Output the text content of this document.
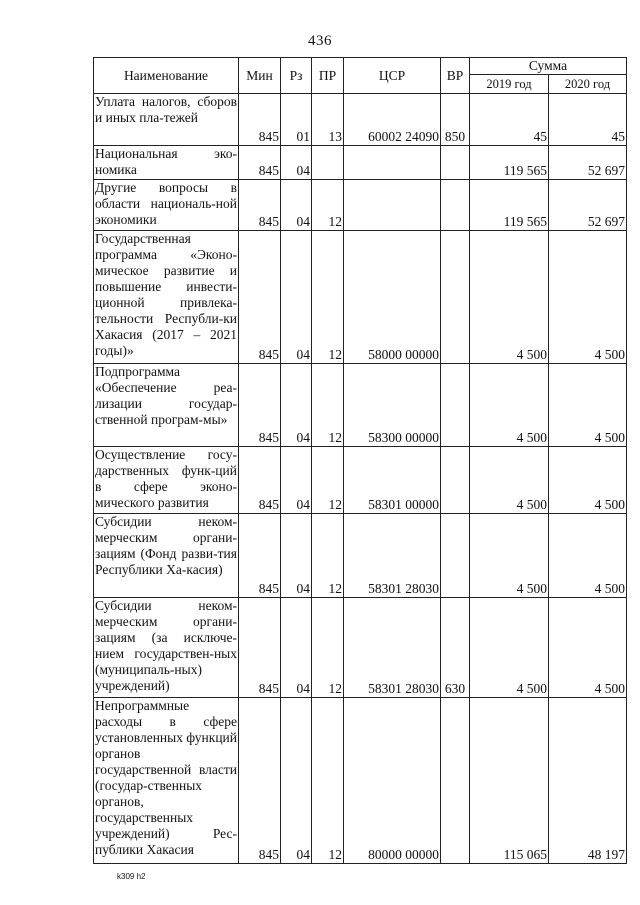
436
Наименование	Мин	Рз	ПР	ЦСР	ВР	Сумма	
						2019 год	2020 год
Уплата налогов, сборов и иных пла-тежей	845	01	13	60002 24090	850	45	45
Национальная эко-номика	845	04				119 565	52 697
Другие вопросы в области националь-ной экономики	845	04	12			119 565	52 697
Государственная программа «Эконо-мическое развитие и повышение инвести-ционной привлека-тельности Республи-ки Хакасия (2017 – 2021 годы)»	845	04	12	58000 00000		4 500	4 500
Подпрограмма «Обеспечение реа-лизации государ-ственной програм-мы»	845	04	12	58300 00000		4 500	4 500
Осуществление госу-дарственных функ-ций в сфере эконо-мического развития	845	04	12	58301 00000		4 500	4 500
Субсидии неком-мерческим органи-зациям (Фонд разви-тия Республики Ха-касия)	845	04	12	58301 28030		4 500	4 500
Субсидии неком-мерческим органи-зациям (за исключе-нием государствен-ных (муниципаль-ных) учреждений)	845	04	12	58301 28030	630	4 500	4 500
Непрограммные расходы в сфере установленных функций органов государственной власти (государ-ственных органов, государственных учреждений) Рес-публики Хакасия	845	04	12	80000 00000		115 065	48 197
k309 h2
